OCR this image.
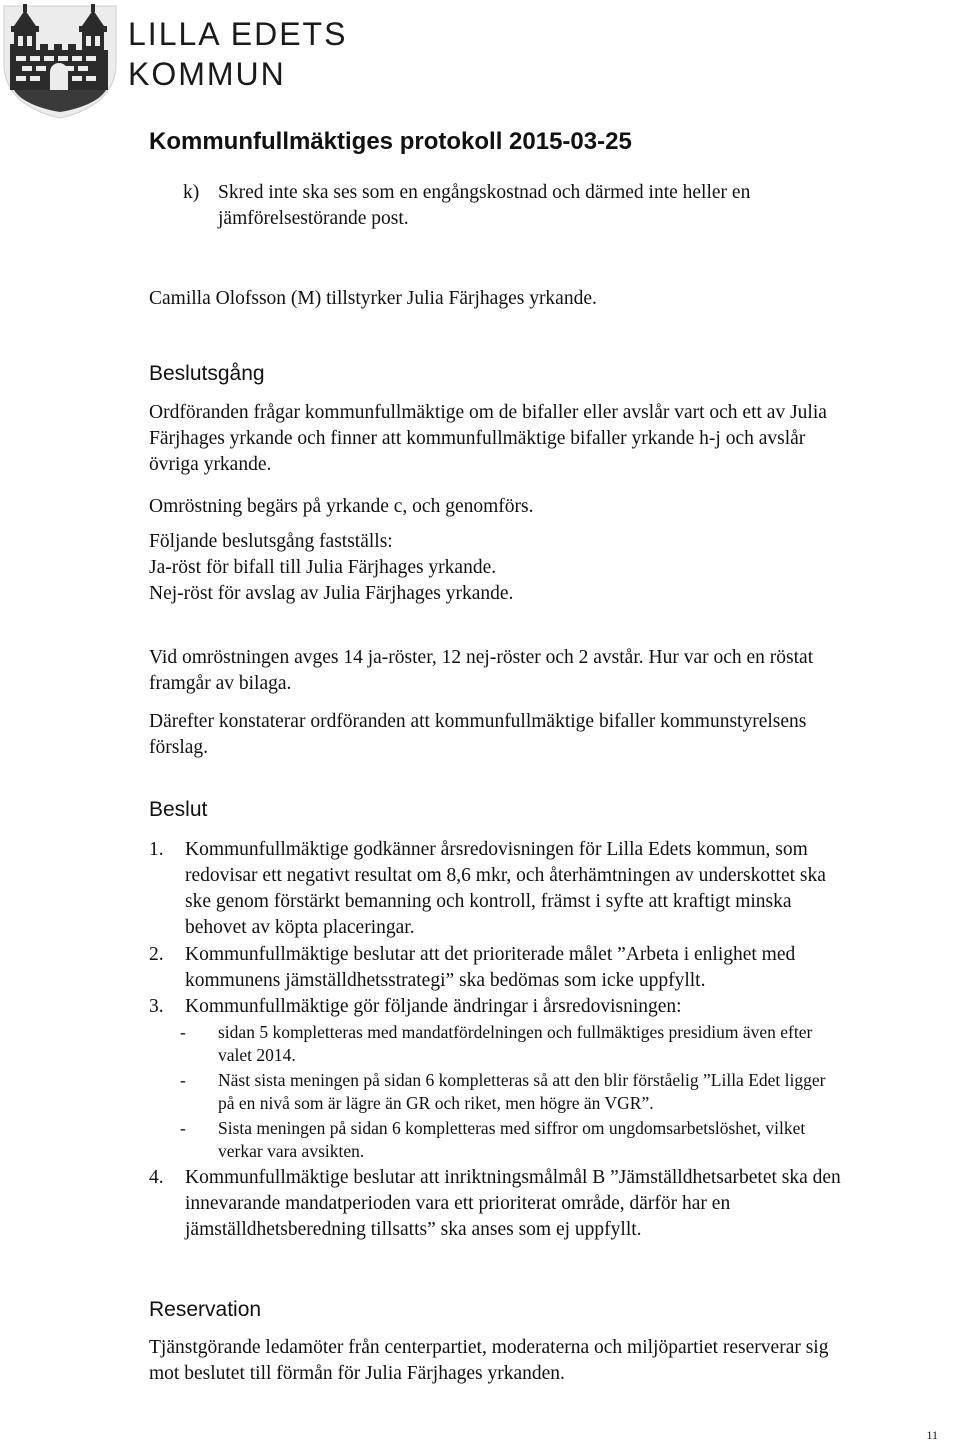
LILLA EDETS
KOMMUN
Kommunfullmäktiges protokoll 2015-03-25
k) Skred inte ska ses som en engångskostnad och därmed inte heller en
jämförelsestörande post.
Camilla Olofsson (M) tillstyrker Julia Färjhages yrkande.
Beslutsgång
Ordföranden frågar kommunfullmäktige om de bifaller eller avslår vart och ett av Julia
Färjhages yrkande och finner att kommunfullmäktige bifaller yrkande h-j och avslår
övriga yrkande.
Omröstning begärs på yrkande c, och genomförs.
Följande beslutsgång fastställs:
Ja-röst för bifall till Julia Färjhages yrkande.
Nej-röst för avslag av Julia Färjhages yrkande.
Vid omröstningen avges 14 ja-röster, 12 nej-röster och 2 avstår. Hur var och en röstat
framgår av bilaga.
Därefter konstaterar ordföranden att kommunfullmäktige bifaller kommunstyrelsens
förslag.
Beslut
1. Kommunfullmäktige godkänner årsredovisningen för Lilla Edets kommun, som
redovisar ett negativt resultat om 8,6 mkr, och återhämtningen av underskottet ska
ske genom förstärkt bemanning och kontroll, främst i syfte att kraftigt minska
behovet av köpta placeringar.
2. Kommunfullmäktige beslutar att det prioriterade målet ”Arbeta i enlighet med
kommunens jämställdhetsstrategi” ska bedömas som icke uppfyllt.
3. Kommunfullmäktige gör följande ändringar i årsredovisningen:
- sidan 5 kompletteras med mandatfördelningen och fullmäktiges presidium även efter
valet 2014.
- Näst sista meningen på sidan 6 kompletteras så att den blir förståelig ”Lilla Edet ligger
på en nivå som är lägre än GR och riket, men högre än VGR”.
- Sista meningen på sidan 6 kompletteras med siffror om ungdomsarbetslöshet, vilket
verkar vara avsikten.
4. Kommunfullmäktige beslutar att inriktningsmålmål B ”Jämställdhetsarbetet ska den
innevarande mandatperioden vara ett prioriterat område, därför har en
jämställdhetsberedning tillsatts” ska anses som ej uppfyllt.
Reservation
Tjänstgörande ledamöter från centerpartiet, moderaterna och miljöpartiet reserverar sig
mot beslutet till förmån för Julia Färjhages yrkanden.
11
